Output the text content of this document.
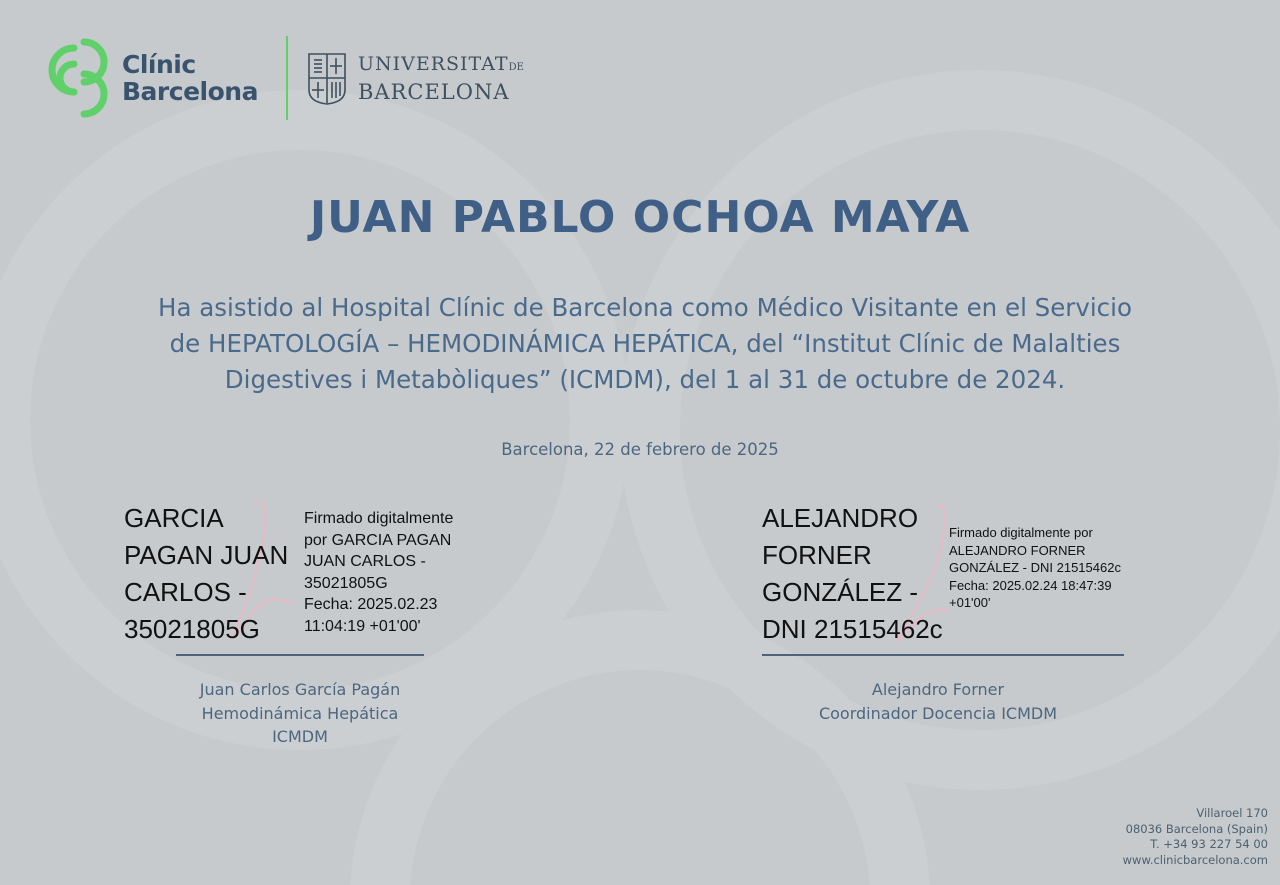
Clínic
Barcelona
UNIVERSITATDE
BARCELONA
JUAN PABLO OCHOA MAYA
Ha asistido al Hospital Clínic de Barcelona como Médico Visitante en el Servicio de HEPATOLOGÍA – HEMODINÁMICA HEPÁTICA, del “Institut Clínic de Malalties Digestives i Metabòliques” (ICMDM), del 1 al 31 de octubre de 2024.
Barcelona, 22 de febrero de 2025
GARCIA
PAGAN JUAN
CARLOS -
35021805G
Firmado digitalmente
por GARCIA PAGAN
JUAN CARLOS -
35021805G
Fecha: 2025.02.23
11:04:19 +01'00'
ALEJANDRO
FORNER
GONZÁLEZ -
DNI 21515462c
Firmado digitalmente por
ALEJANDRO FORNER
GONZÁLEZ - DNI 21515462c
Fecha: 2025.02.24 18:47:39
+01'00'
Juan Carlos García Pagán
Hemodinámica Hepática
ICMDM
Alejandro Forner
Coordinador Docencia ICMDM
Villaroel 170
08036 Barcelona (Spain)
T. +34 93 227 54 00
www.clinicbarcelona.com
